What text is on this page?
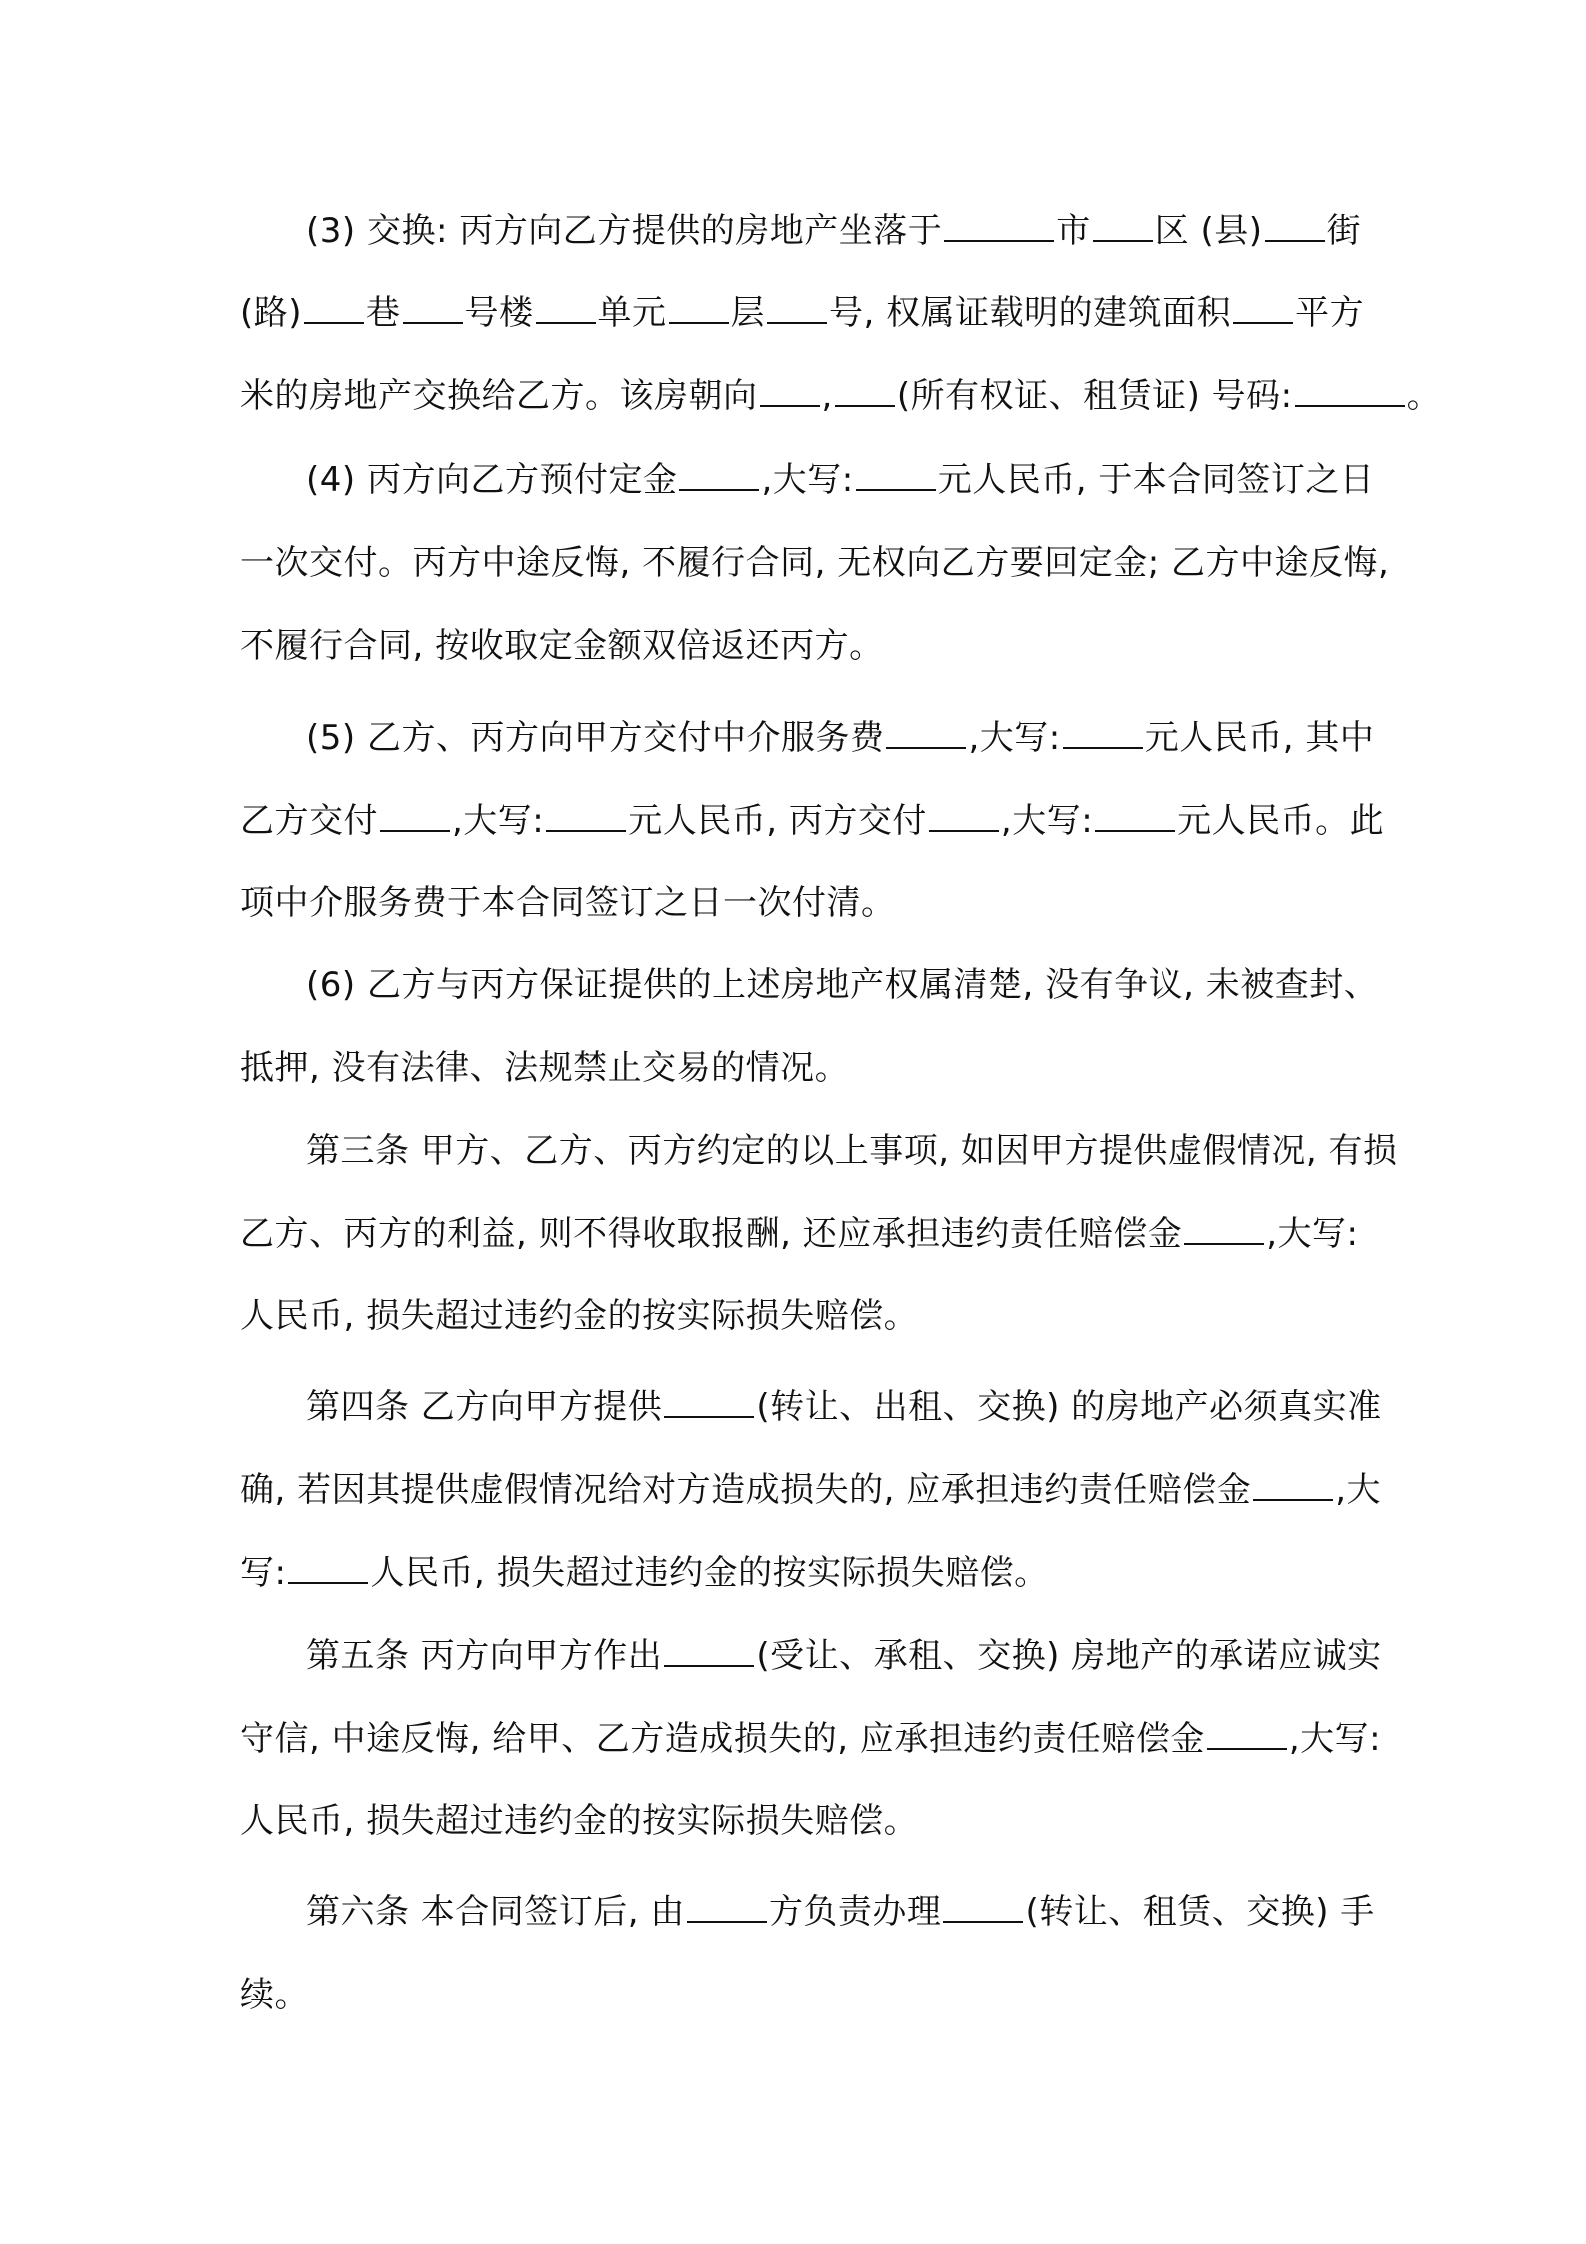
(3) 交换: 丙方向乙方提供的房地产坐落于	市 区 (县) 街
(路) 巷 号楼 单元 层 号, 权属证载明的建筑面积 平方
米的房地产交换给乙方。该房朝向 , (所有权证、租赁证) 号码:	。
(4) 丙方向乙方预付定金 ,大写: 元人民币, 于本合同签订之日
一次交付。丙方中途反悔, 不履行合同, 无权向乙方要回定金; 乙方中途反悔,
不履行合同, 按收取定金额双倍返还丙方。
(5) 乙方、丙方向甲方交付中介服务费 ,大写: 元人民币, 其中
乙方交付 ,大写: 元人民币, 丙方交付 ,大写: 元人民币。此
项中介服务费于本合同签订之日一次付清。
(6) 乙方与丙方保证提供的上述房地产权属清楚, 没有争议, 未被查封、
抵押, 没有法律、法规禁止交易的情况。
第三条 甲方、乙方、丙方约定的以上事项, 如因甲方提供虚假情况, 有损
乙方、丙方的利益, 则不得收取报酬, 还应承担违约责任赔偿金 ,大写:
人民币, 损失超过违约金的按实际损失赔偿。
第四条 乙方向甲方提供	(转让、出租、交换) 的房地产必须真实准
确, 若因其提供虚假情况给对方造成损失的, 应承担违约责任赔偿金 ,大
写: 人民币, 损失超过违约金的按实际损失赔偿。
第五条 丙方向甲方作出	(受让、承租、交换) 房地产的承诺应诚实
守信, 中途反悔, 给甲、乙方造成损失的, 应承担违约责任赔偿金 ,大写:
人民币, 损失超过违约金的按实际损失赔偿。
第六条 本合同签订后, 由 方负责办理 (转让、租赁、交换) 手
续。
